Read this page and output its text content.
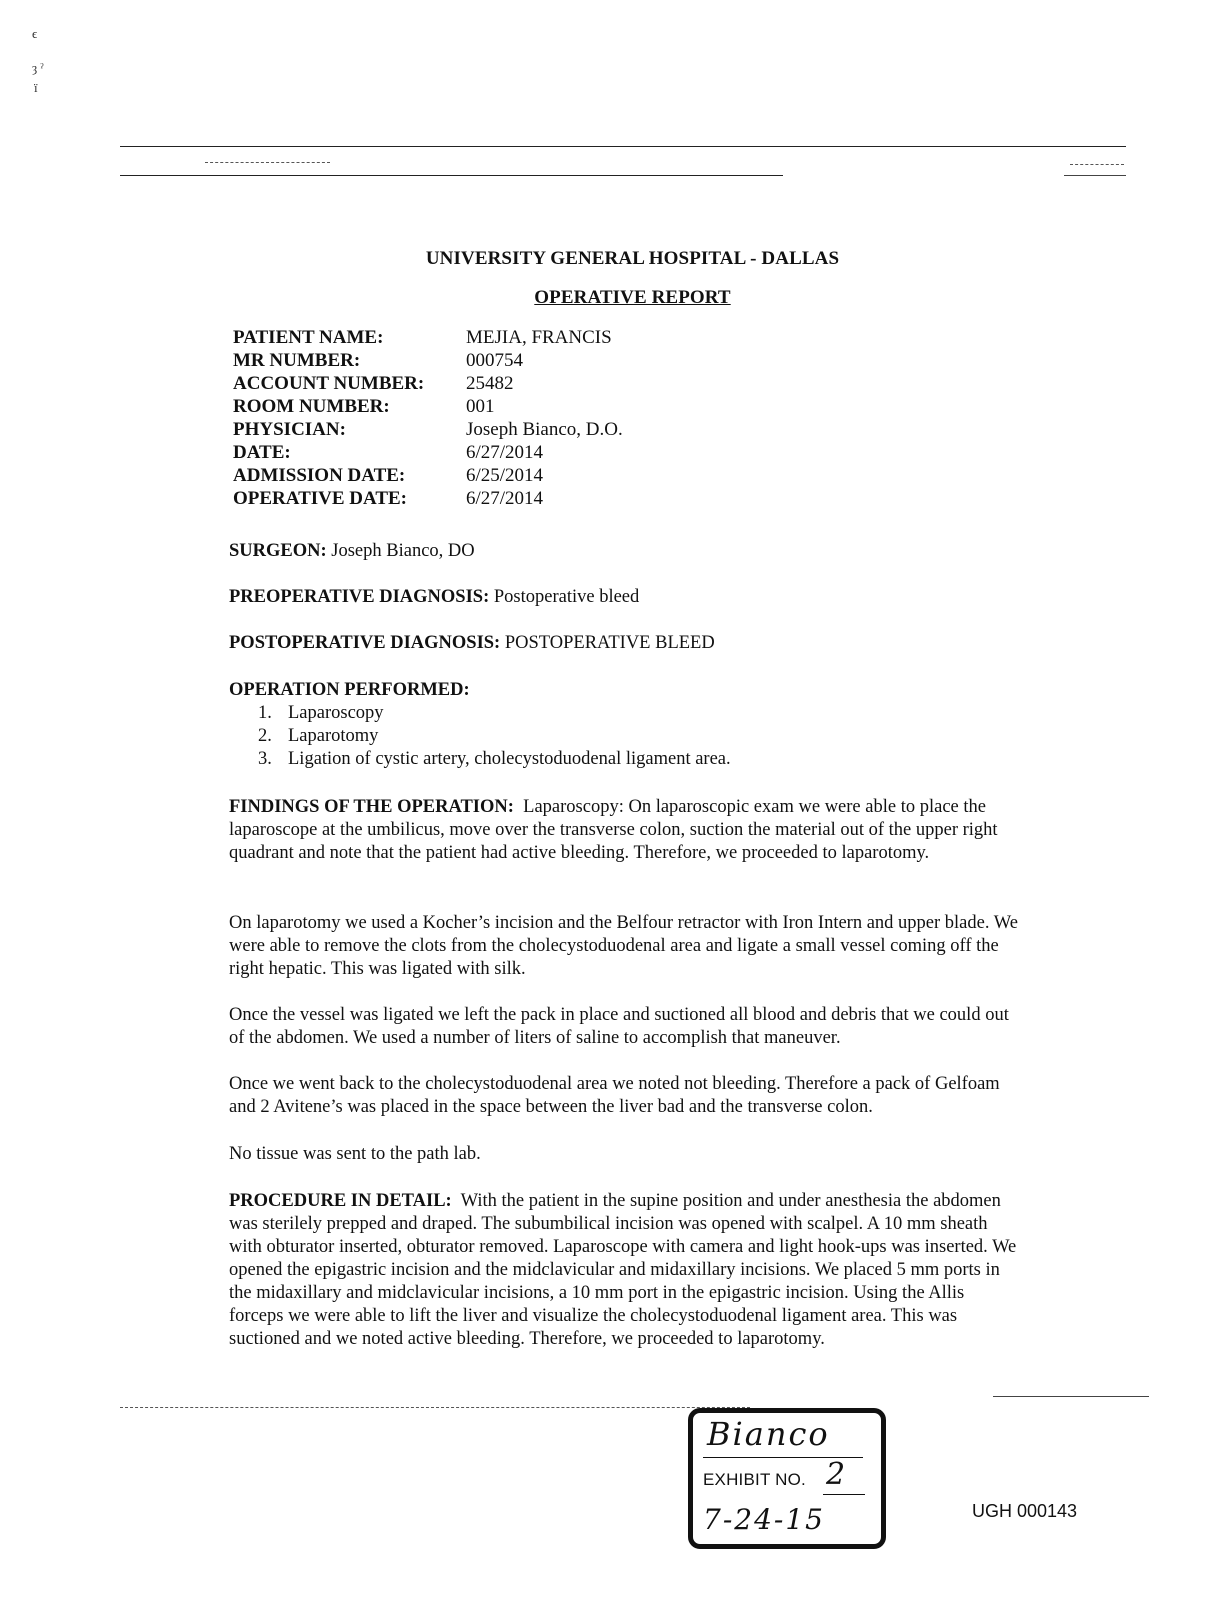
ϵ
ȝ ˀ
ï
UNIVERSITY GENERAL HOSPITAL - DALLAS
OPERATIVE REPORT
PATIENT NAME:	MEJIA, FRANCIS
MR NUMBER:	000754
ACCOUNT NUMBER: 25482
ROOM NUMBER:	001
PHYSICIAN:	Joseph Bianco, D.O.
DATE:	6/27/2014
ADMISSION DATE:	6/25/2014
OPERATIVE DATE:	6/27/2014
SURGEON: Joseph Bianco, DO
PREOPERATIVE DIAGNOSIS: Postoperative bleed
POSTOPERATIVE DIAGNOSIS: POSTOPERATIVE BLEED
OPERATION PERFORMED:
1. Laparoscopy
2. Laparotomy
3. Ligation of cystic artery, cholecystoduodenal ligament area.

FINDINGS OF THE OPERATION: Laparoscopy: On laparoscopic exam we were able to place the laparoscope at the umbilicus, move over the transverse colon, suction the material out of the upper right quadrant and note that the patient had active bleeding. Therefore, we proceeded to laparotomy.

On laparotomy we used a Kocher’s incision and the Belfour retractor with Iron Intern and upper blade. We were able to remove the clots from the cholecystoduodenal area and ligate a small vessel coming off the right hepatic. This was ligated with silk.

Once the vessel was ligated we left the pack in place and suctioned all blood and debris that we could out of the abdomen. We used a number of liters of saline to accomplish that maneuver.

Once we went back to the cholecystoduodenal area we noted not bleeding. Therefore a pack of Gelfoam and 2 Avitene’s was placed in the space between the liver bad and the transverse colon.

No tissue was sent to the path lab.

PROCEDURE IN DETAIL: With the patient in the supine position and under anesthesia the abdomen was sterilely prepped and draped. The subumbilical incision was opened with scalpel. A 10 mm sheath with obturator inserted, obturator removed. Laparoscope with camera and light hook-ups was inserted. We opened the epigastric incision and the midclavicular and midaxillary incisions. We placed 5 mm ports in the midaxillary and midclavicular incisions, a 10 mm port in the epigastric incision. Using the Allis forceps we were able to lift the liver and visualize the cholecystoduodenal ligament area. This was suctioned and we noted active bleeding. Therefore, we proceeded to laparotomy.

Bianco
EXHIBIT NO. 2
7-24-15	UGH 000143
